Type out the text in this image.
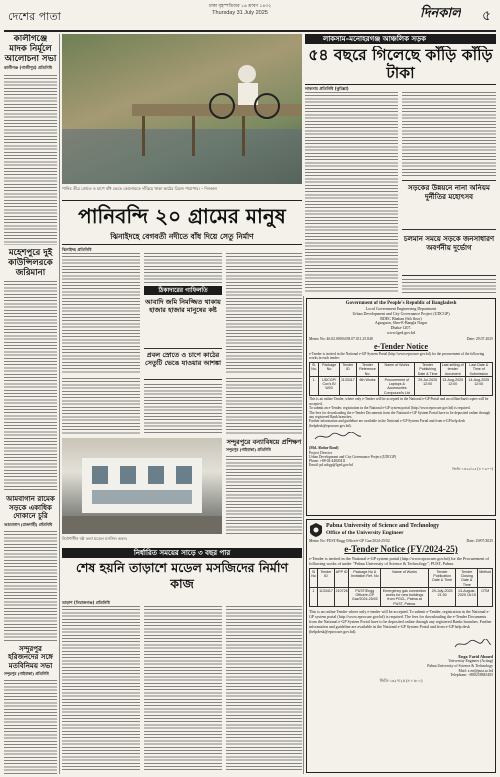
দেশের পাতা
ঢাকা বৃহস্পতিবার ১৬ শ্রাবণ ১৪৩২
Thursday 31 July 2025	দিনকাল ৫
কালীগঞ্জে মাদক নির্মূলে আলোচনা সভা
কালীগঞ্জ (গাজীপুর) প্রতিনিধি
মহেশপুরে দুই কাউন্সিলরকে জরিমানা
আমবাগান রামেক সড়কে একাধিক দোকানে চুরি
আমবাগান (রাজশাহী) প্রতিনিধি
সন্দুরপুর হরিজনদের সঙ্গে মতবিনিময় সভা
সন্দুরপুর (গাইবান্ধা) প্রতিনিধি
পানির তীব্র স্রোতে ও চাপে বাঁধ ভেঙে কোনোমতে দাঁড়িয়ে থাকা কাঠের ব্রিজে পারাপার। – দিনকাল
লাকসাম–মনোহরগঞ্জ আঞ্চলিক সড়ক
৫৪ বছরে গিলেছে কাঁড়ি কাঁড়ি টাকা
লাকসাম প্রতিনিধি (কুমিল্লা)
সড়কের উন্নয়নে নানা অনিয়ম দুর্নীতির মহোৎসব
চলমান সময়ে সড়কে জনসাধারণ অবর্ণনীয় দুর্ভোগ
পানিবন্দি ২০ গ্রামের মানুষ
ঝিনাইদহে বেগবতী নদীতে বাঁধ দিয়ে সেতু নির্মাণ
ঝিনাইদহ প্রতিনিধি
ঠিকাদারের গাফিলতি
আবাদি জমি নিমজ্জিত থাকায় হাজার হাজার মানুষের কষ্ট
প্রবল স্রোতে ও চাপে কাঠের সেতুটি ভেঙে যাওয়ার আশঙ্কা
নির্মাণাধীন ষষ্ঠ তলা মডেল মসজিদ ভবন।
সন্দুরপুরে বন্যাবিষয়ে প্রশিক্ষণ
সন্দুরপুর (গাইবান্ধা) প্রতিনিধি
নির্ধারিত সময়ের সাড়ে ৩ বছর পার
শেষ হয়নি তাড়াশে মডেল মসজিদের নির্মাণ কাজ
তাড়াশ (সিরাজগঞ্জ) প্রতিনিধি
Government of the People's Republic of Bangladesh
Local Government Engineering Department
Urban Development and City Governance Project (UDCGP)
RDEC Bhaban (6th floor)
Agargaon, Sher-E-Bangla Nagar
Dhaka-1207.
www.lged.gov.bd
Memo No: 46.02.0000.658.07.011.25.840	Date: 29.07.2025
e-Tender Notice
e-Tender is invited in the National e-GP System Portal (http://www.eprocure.gov.bd) for the procurement of the following works in each tender:
Sl. No.	Package No	Tender ID	Tender Reference No.	Name of Works	Tender Publishing Date & Time	Last selling of tender document	Last Date & Time of Submission
1.	UDCGP/ Cox's B/ W03	1133417	6th Works	Procurement of Laptops & Accessories Compound's Ltd	29-Jul-2025 12:00	13-Aug-2025 12:00	14-Aug-2025 12:00
This is an online Tender, where only e-Tender will be accepted in the National e-GP Portal and no offline/hard copies will be accepted.
To submit an e-Tender, registration in the National e-GP system portal (http://www.eprocure.gov.bd) is required.
The fees for downloading the e-Tender Documents from the National e-GP System Portal have to be deposited online through any registered Bank branches.
Further information and guideline are available in the National e-GP System Portal and from e-GP help desk (helpdesk@eprocure.gov.bd).
(Md. Abdur Rouf)
Project Director
Urban Development and City Governance Project (UDCGP)
Phone: +88-02-44820411
Email: pd.udcgp@lged.gov.bd
জিডি-১৩২৬/২৫ (৪ × ৬০০)
Pabna University of Science and Technology
Office of the University Engineer
Memo No: PUST/Engg Office/e-GP Gaz/2024-25/02	Date: 29/07/2025
e-Tender Notice (FY/2024-25)
e-Tender is invited in the National e-GP system portal (http://www.eprocure.gov.bd) for the Procurement of following works of under "Pabna University of Science & Technology", PUST, Pabna.
Sl No	Tender ID	APP ID	Package No & Invitation Ref. No	Name of Works	Tender Publication Date & Time	Tender Closing Date & Time	Method
1	1133417	210726	PUST/Engg Office/e-GP Gaz/2024-25/02	Emergency gas connection works for new buildings from PGCL, Pabna at PUST, Pabna.	29-July-2025 21:30	13-August-2025 16:15	OTM
This is an online Tender where only e-tender will be accepted. To submit e-Tender, registration in the National e-GP system portal (http://www.eprocure.gov.bd) is required. The fees for downloading the e-Tender Documents from the National e-GP System Portal have to be deposited online through any registered Banks branches. Further information and guideline are available in the National e-GP System Portal and from e-GP help desk (helpdesk@eprocure.gov.bd).
Engr. Farid Ahmed
University Engineer (Acting)
Pabna University of Science & Technology
Mail: x.en@pust.ac.bd
Telephone: +880258845405
জিডি-১৩২৭/২৫ (৪ × ৬০০)
